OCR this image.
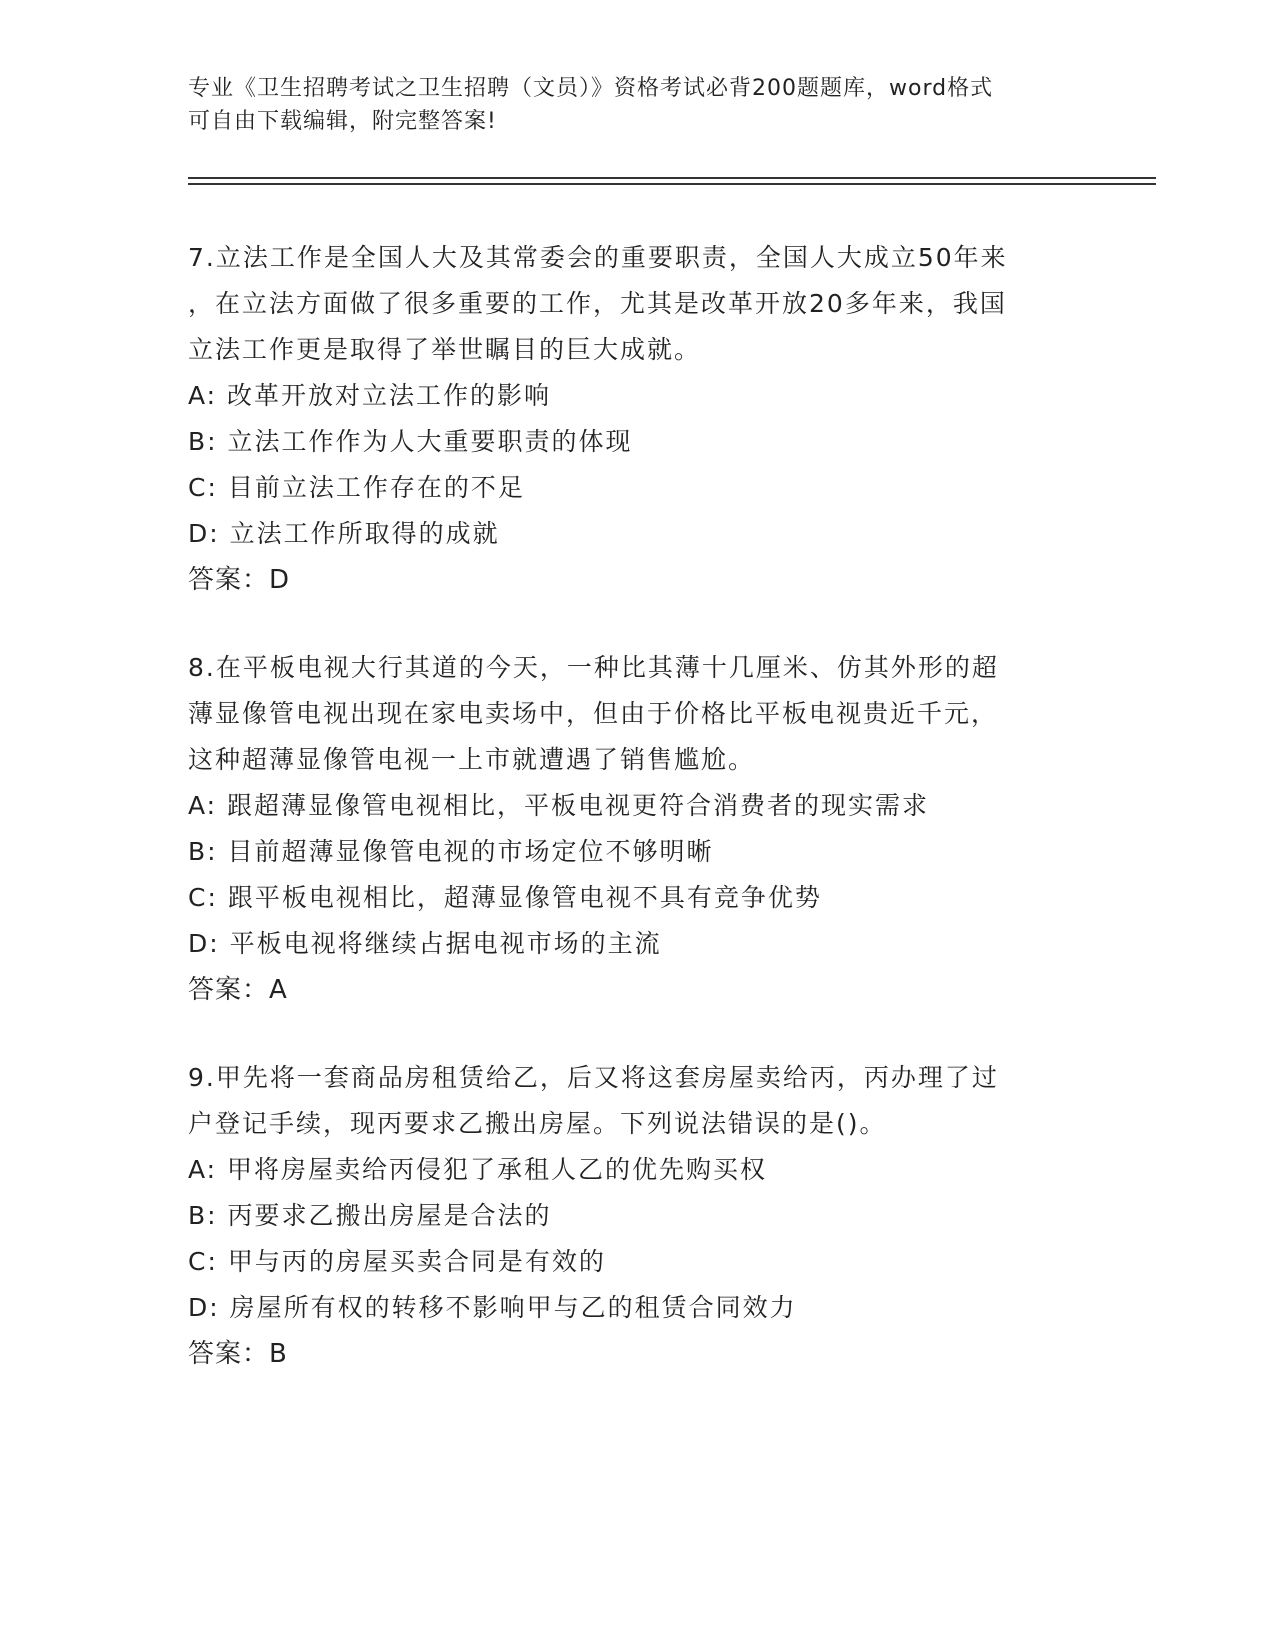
专业《卫生招聘考试之卫生招聘（文员）》资格考试必背200题题库，word格式

可自由下载编辑，附完整答案!

7.立法工作是全国人大及其常委会的重要职责，全国人大成立50年来

，在立法方面做了很多重要的工作，尤其是改革开放20多年来，我国

立法工作更是取得了举世瞩目的巨大成就。

A: 改革开放对立法工作的影响

B: 立法工作作为人大重要职责的体现

C: 目前立法工作存在的不足

D: 立法工作所取得的成就

答案：D

8.在平板电视大行其道的今天，一种比其薄十几厘米、仿其外形的超

薄显像管电视出现在家电卖场中，但由于价格比平板电视贵近千元，

这种超薄显像管电视一上市就遭遇了销售尴尬。

A: 跟超薄显像管电视相比，平板电视更符合消费者的现实需求

B: 目前超薄显像管电视的市场定位不够明晰

C: 跟平板电视相比，超薄显像管电视不具有竞争优势

D: 平板电视将继续占据电视市场的主流

答案：A

9.甲先将一套商品房租赁给乙，后又将这套房屋卖给丙，丙办理了过

户登记手续，现丙要求乙搬出房屋。下列说法错误的是()。

A: 甲将房屋卖给丙侵犯了承租人乙的优先购买权

B: 丙要求乙搬出房屋是合法的

C: 甲与丙的房屋买卖合同是有效的

D: 房屋所有权的转移不影响甲与乙的租赁合同效力

答案：B
